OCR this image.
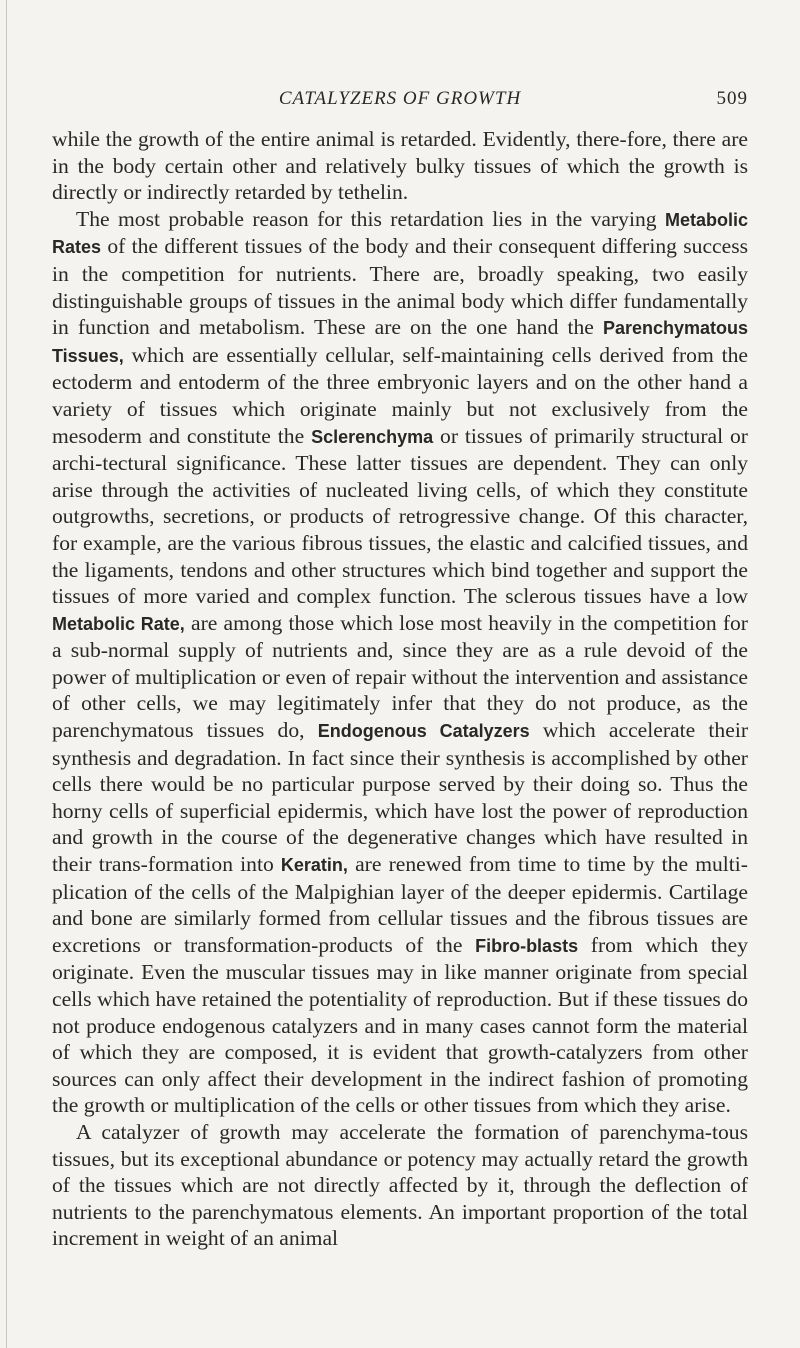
CATALYZERS OF GROWTH	509

while the growth of the entire animal is retarded. Evidently, there-fore, there are in the body certain other and relatively bulky tissues of which the growth is directly or indirectly retarded by tethelin.

The most probable reason for this retardation lies in the varying Metabolic Rates of the different tissues of the body and their consequent differing success in the competition for nutrients. There are, broadly speaking, two easily distinguishable groups of tissues in the animal body which differ fundamentally in function and metabolism. These are on the one hand the Parenchymatous Tissues, which are essentially cellular, self-maintaining cells derived from the ectoderm and entoderm of the three embryonic layers and on the other hand a variety of tissues which originate mainly but not exclusively from the mesoderm and constitute the Sclerenchyma or tissues of primarily structural or archi-tectural significance. These latter tissues are dependent. They can only arise through the activities of nucleated living cells, of which they constitute outgrowths, secretions, or products of retrogressive change. Of this character, for example, are the various fibrous tissues, the elastic and calcified tissues, and the ligaments, tendons and other structures which bind together and support the tissues of more varied and complex function. The sclerous tissues have a low Metabolic Rate, are among those which lose most heavily in the competition for a sub-normal supply of nutrients and, since they are as a rule devoid of the power of multiplication or even of repair without the intervention and assistance of other cells, we may legitimately infer that they do not produce, as the parenchymatous tissues do, Endogenous Catalyzers which accelerate their synthesis and degradation. In fact since their synthesis is accomplished by other cells there would be no particular purpose served by their doing so. Thus the horny cells of superficial epidermis, which have lost the power of reproduction and growth in the course of the degenerative changes which have resulted in their trans-formation into Keratin, are renewed from time to time by the multi-plication of the cells of the Malpighian layer of the deeper epidermis. Cartilage and bone are similarly formed from cellular tissues and the fibrous tissues are excretions or transformation-products of the Fibro-blasts from which they originate. Even the muscular tissues may in like manner originate from special cells which have retained the potentiality of reproduction. But if these tissues do not produce endogenous catalyzers and in many cases cannot form the material of which they are composed, it is evident that growth-catalyzers from other sources can only affect their development in the indirect fashion of promoting the growth or multiplication of the cells or other tissues from which they arise.

A catalyzer of growth may accelerate the formation of parenchyma-tous tissues, but its exceptional abundance or potency may actually retard the growth of the tissues which are not directly affected by it, through the deflection of nutrients to the parenchymatous elements. An important proportion of the total increment in weight of an animal
